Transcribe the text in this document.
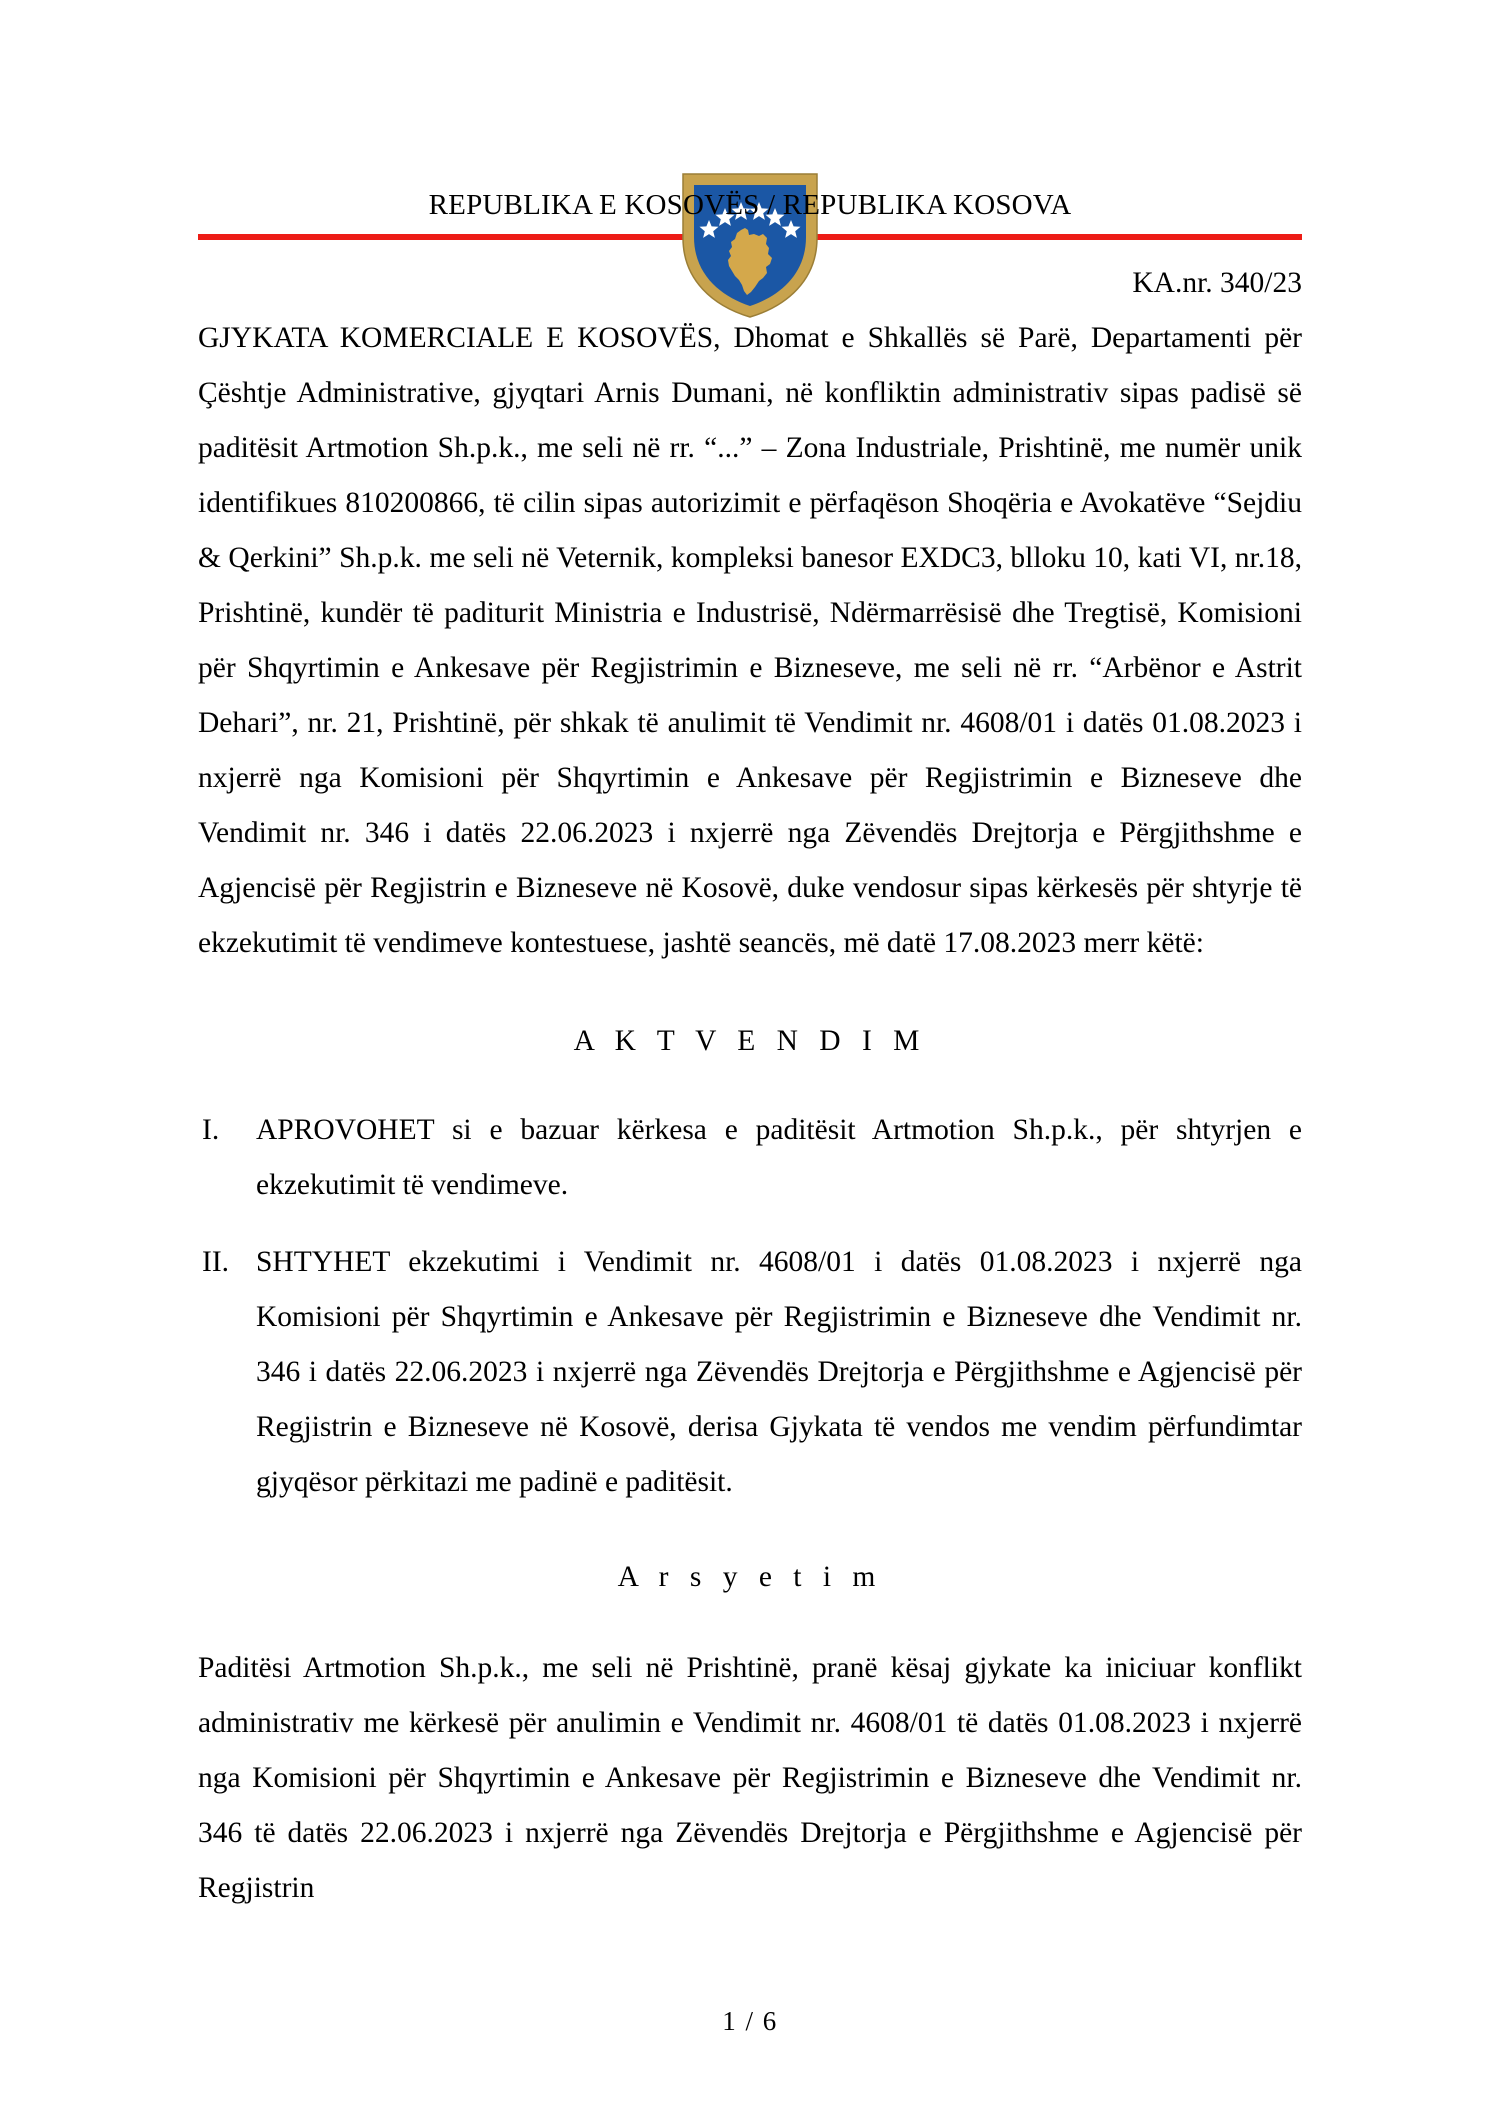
REPUBLIKA E KOSOVËS / REPUBLIKA KOSOVA
KA.nr. 340/23

GJYKATA KOMERCIALE E KOSOVËS, Dhomat e Shkallës së Parë, Departamenti për Çështje Administrative, gjyqtari Arnis Dumani, në konfliktin administrativ sipas padisë së paditësit Artmotion Sh.p.k., me seli në rr. “...” – Zona Industriale, Prishtinë, me numër unik identifikues 810200866, të cilin sipas autorizimit e përfaqëson Shoqëria e Avokatëve “Sejdiu & Qerkini” Sh.p.k. me seli në Veternik, kompleksi banesor EXDC3, blloku 10, kati VI, nr.18, Prishtinë, kundër të paditurit Ministria e Industrisë, Ndërmarrësisë dhe Tregtisë, Komisioni për Shqyrtimin e Ankesave për Regjistrimin e Bizneseve, me seli në rr. “Arbënor e Astrit Dehari”, nr. 21, Prishtinë, për shkak të anulimit të Vendimit nr. 4608/01 i datës 01.08.2023 i nxjerrë nga Komisioni për Shqyrtimin e Ankesave për Regjistrimin e Bizneseve dhe Vendimit nr. 346 i datës 22.06.2023 i nxjerrë nga Zëvendës Drejtorja e Përgjithshme e Agjencisë për Regjistrin e Bizneseve në Kosovë, duke vendosur sipas kërkesës për shtyrje të ekzekutimit të vendimeve kontestuese, jashtë seancës, më datë 17.08.2023 merr këtë:

A K T V E N D I M
I.	APROVOHET si e bazuar kërkesa e paditësit Artmotion Sh.p.k., për shtyrjen e ekzekutimit të vendimeve.
II. SHTYHET ekzekutimi i Vendimit nr. 4608/01 i datës 01.08.2023 i nxjerrë nga Komisioni për Shqyrtimin e Ankesave për Regjistrimin e Bizneseve dhe Vendimit nr. 346 i datës 22.06.2023 i nxjerrë nga Zëvendës Drejtorja e Përgjithshme e Agjencisë për Regjistrin e Bizneseve në Kosovë, derisa Gjykata të vendos me vendim përfundimtar gjyqësor përkitazi me padinë e paditësit.
A r s y e t i m

Paditësi Artmotion Sh.p.k., me seli në Prishtinë, pranë kësaj gjykate ka iniciuar konflikt administrativ me kërkesë për anulimin e Vendimit nr. 4608/01 të datës 01.08.2023 i nxjerrë nga Komisioni për Shqyrtimin e Ankesave për Regjistrimin e Bizneseve dhe Vendimit nr. 346 të datës 22.06.2023 i nxjerrë nga Zëvendës Drejtorja e Përgjithshme e Agjencisë për Regjistrin

1 / 6
